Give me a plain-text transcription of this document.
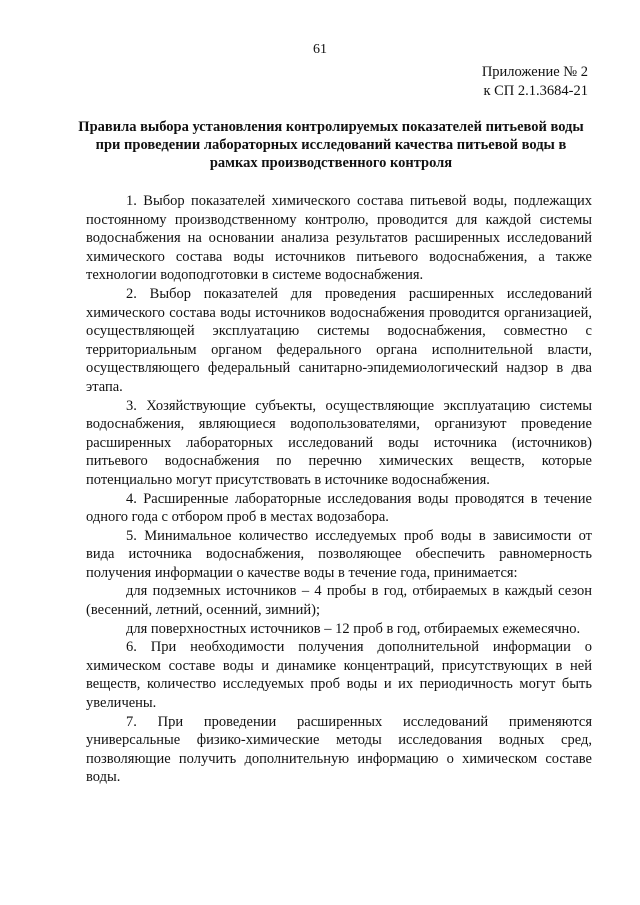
61
Приложение № 2
к СП 2.1.3684-21
Правила выбора установления контролируемых показателей питьевой воды при проведении лабораторных исследований качества питьевой воды в рамках производственного контроля

1. Выбор показателей химического состава питьевой воды, подлежащих постоянному производственному контролю, проводится для каждой системы водоснабжения на основании анализа результатов расширенных исследований химического состава воды источников питьевого водоснабжения, а также технологии водоподготовки в системе водоснабжения.

2. Выбор показателей для проведения расширенных исследований химического состава воды источников водоснабжения проводится организацией, осуществляющей эксплуатацию системы водоснабжения, совместно с территориальным органом федерального органа исполнительной власти, осуществляющего федеральный санитарно-эпидемиологический надзор в два этапа.

3. Хозяйствующие субъекты, осуществляющие эксплуатацию системы водоснабжения, являющиеся водопользователями, организуют проведение расширенных лабораторных исследований воды источника (источников) питьевого водоснабжения по перечню химических веществ, которые потенциально могут присутствовать в источнике водоснабжения.

4. Расширенные лабораторные исследования воды проводятся в течение одного года с отбором проб в местах водозабора.

5. Минимальное количество исследуемых проб воды в зависимости от вида источника водоснабжения, позволяющее обеспечить равномерность получения информации о качестве воды в течение года, принимается:

для подземных источников – 4 пробы в год, отбираемых в каждый сезон (весенний, летний, осенний, зимний);

для поверхностных источников – 12 проб в год, отбираемых ежемесячно.

6. При необходимости получения дополнительной информации о химическом составе воды и динамике концентраций, присутствующих в ней веществ, количество исследуемых проб воды и их периодичность могут быть увеличены.

7. При проведении расширенных исследований применяются универсальные физико-химические методы исследования водных сред, позволяющие получить дополнительную информацию о химическом составе воды.
